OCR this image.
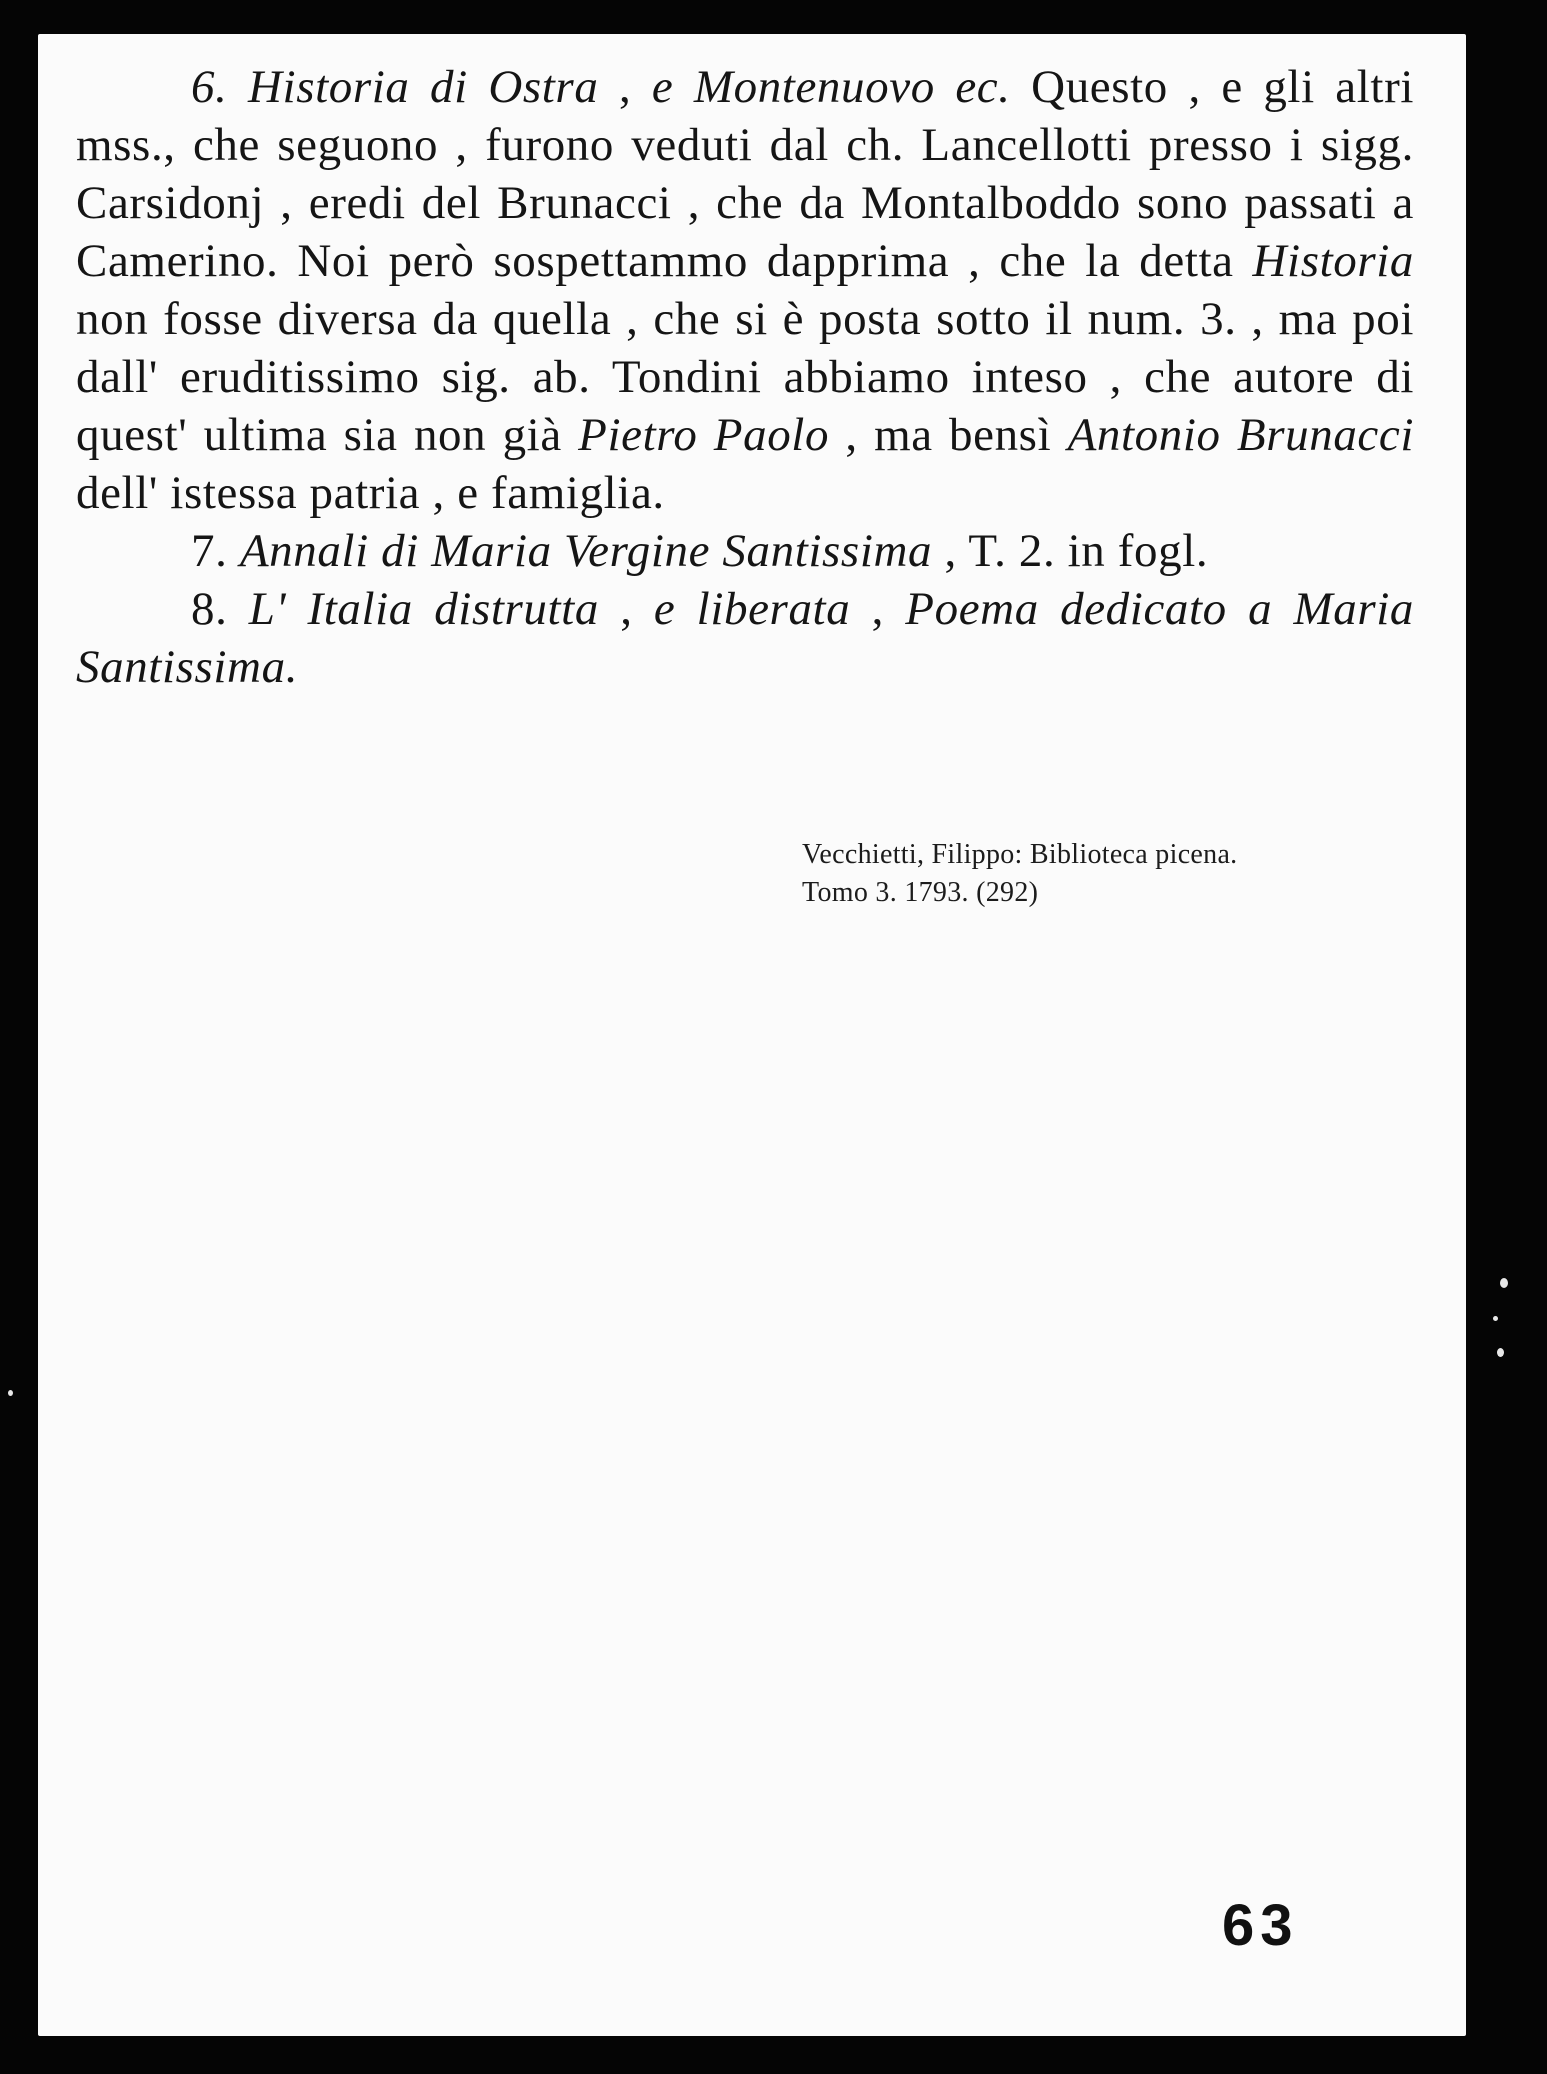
6. Historia di Ostra , e Montenuovo ec. Questo , e gli altri mss., che seguono , furono veduti dal ch. Lancellotti presso i sigg. Carsidonj , eredi del Brunacci , che da Montalboddo sono passati a Camerino. Noi però sospettammo dapprima , che la detta Historia non fosse diversa da quella , che si è posta sotto il num. 3. , ma poi dall' eruditissimo sig. ab. Tondini abbiamo inteso , che autore di quest' ultima sia non già Pietro Paolo , ma bensì Antonio Brunacci dell' istessa patria , e famiglia.

7. Annali di Maria Vergine Santissima , T. 2. in fogl.

8. L' Italia distrutta , e liberata , Poema dedicato a Maria Santissima.

Vecchietti, Filippo: Biblioteca picena.
Tomo 3. 1793. (292)
63
